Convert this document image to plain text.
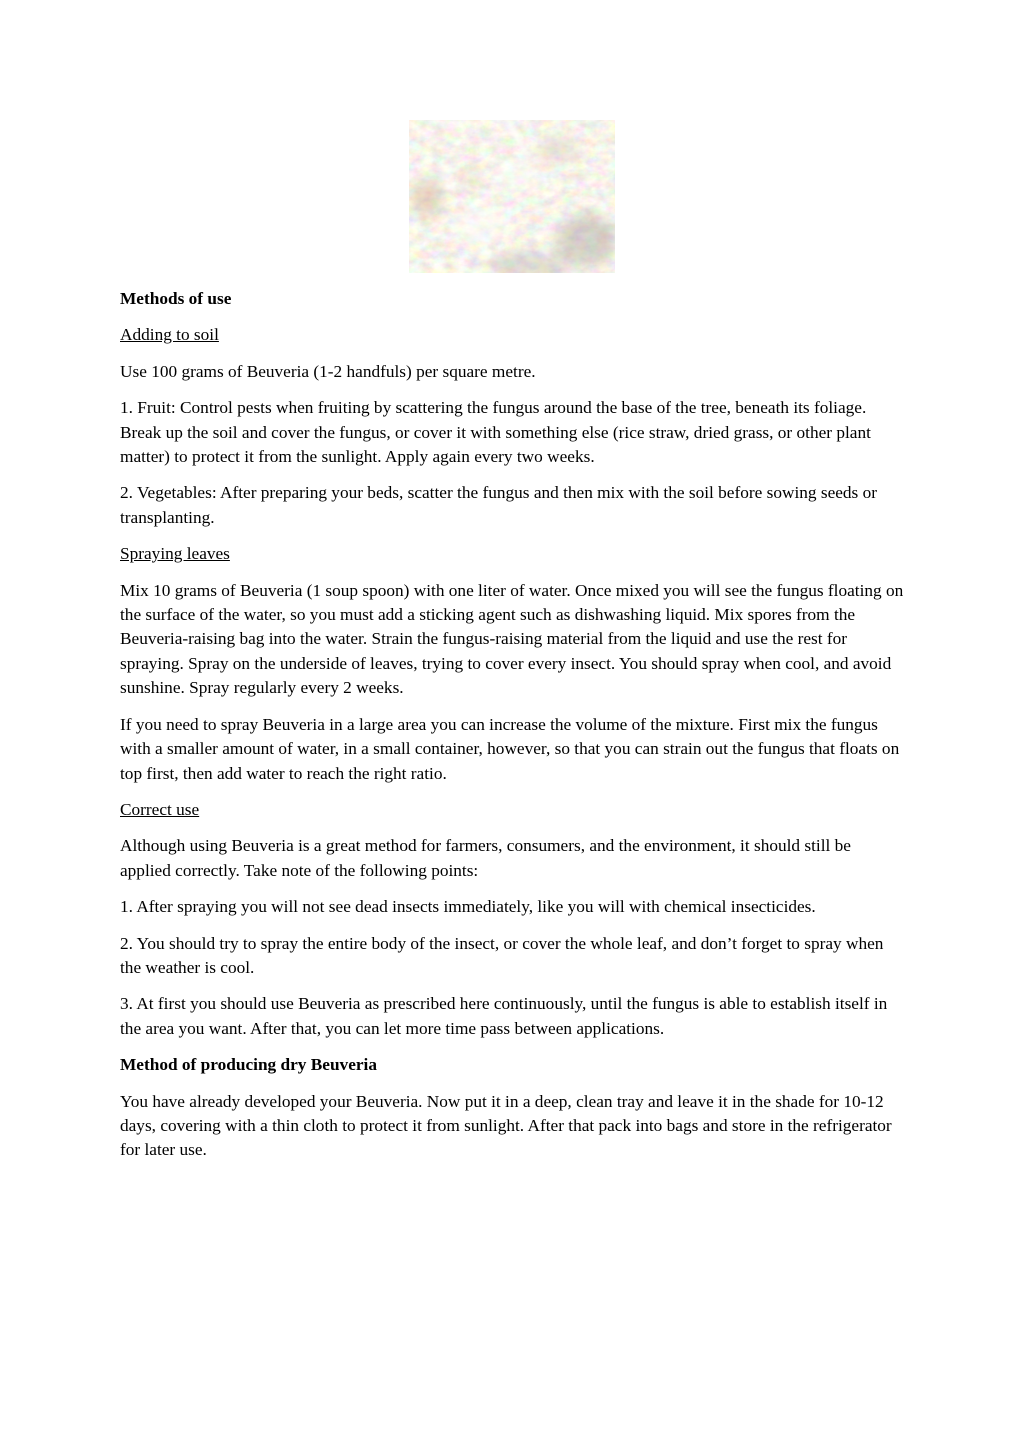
Methods of use

Adding to soil

Use 100 grams of Beuveria (1-2 handfuls) per square metre.

1. Fruit: Control pests when fruiting by scattering the fungus around the base of the tree, beneath its foliage. Break up the soil and cover the fungus, or cover it with something else (rice straw, dried grass, or other plant matter) to protect it from the sunlight. Apply again every two weeks.

2. Vegetables: After preparing your beds, scatter the fungus and then mix with the soil before sowing seeds or transplanting.

Spraying leaves

Mix 10 grams of Beuveria (1 soup spoon) with one liter of water. Once mixed you will see the fungus floating on the surface of the water, so you must add a sticking agent such as dishwashing liquid. Mix spores from the Beuveria-raising bag into the water. Strain the fungus-raising material from the liquid and use the rest for spraying. Spray on the underside of leaves, trying to cover every insect. You should spray when cool, and avoid sunshine. Spray regularly every 2 weeks.

If you need to spray Beuveria in a large area you can increase the volume of the mixture. First mix the fungus with a smaller amount of water, in a small container, however, so that you can strain out the fungus that floats on top first, then add water to reach the right ratio.

Correct use

Although using Beuveria is a great method for farmers, consumers, and the environment, it should still be applied correctly. Take note of the following points:

1. After spraying you will not see dead insects immediately, like you will with chemical insecticides.

2. You should try to spray the entire body of the insect, or cover the whole leaf, and don’t forget to spray when the weather is cool.

3. At first you should use Beuveria as prescribed here continuously, until the fungus is able to establish itself in the area you want. After that, you can let more time pass between applications.

Method of producing dry Beuveria

You have already developed your Beuveria. Now put it in a deep, clean tray and leave it in the shade for 10-12 days, covering with a thin cloth to protect it from sunlight. After that pack into bags and store in the refrigerator for later use.
